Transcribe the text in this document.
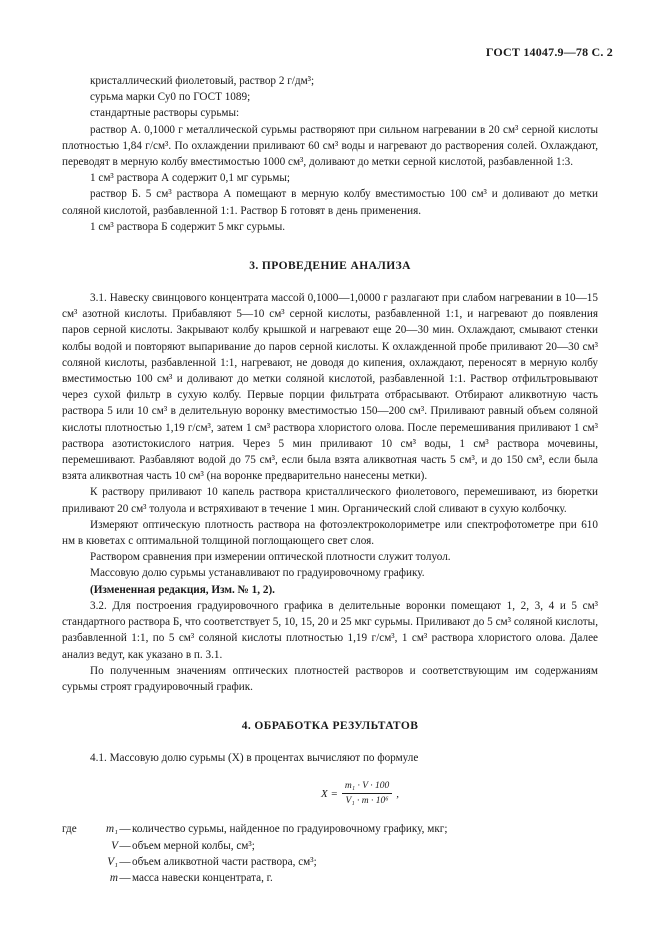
ГОСТ 14047.9—78 С. 2

кристаллический фиолетовый, раствор 2 г/дм³;

сурьма марки Су0 по ГОСТ 1089;

стандартные растворы сурьмы:

раствор А. 0,1000 г металлической сурьмы растворяют при сильном нагревании в 20 см³ серной кислоты плотностью 1,84 г/см³. По охлаждении приливают 60 см³ воды и нагревают до растворения солей. Охлаждают, переводят в мерную колбу вместимостью 1000 см³, доливают до метки серной кислотой, разбавленной 1:3.

1 см³ раствора А содержит 0,1 мг сурьмы;

раствор Б. 5 см³ раствора А помещают в мерную колбу вместимостью 100 см³ и доливают до метки соляной кислотой, разбавленной 1:1. Раствор Б готовят в день применения.

1 см³ раствора Б содержит 5 мкг сурьмы.

3. ПРОВЕДЕНИЕ АНАЛИЗА

3.1. Навеску свинцового концентрата массой 0,1000—1,0000 г разлагают при слабом нагревании в 10—15 см³ азотной кислоты. Прибавляют 5—10 см³ серной кислоты, разбавленной 1:1, и нагревают до появления паров серной кислоты. Закрывают колбу крышкой и нагревают еще 20—30 мин. Охлаждают, смывают стенки колбы водой и повторяют выпаривание до паров серной кислоты. К охлажденной пробе приливают 20—30 см³ соляной кислоты, разбавленной 1:1, нагревают, не доводя до кипения, охлаждают, переносят в мерную колбу вместимостью 100 см³ и доливают до метки соляной кислотой, разбавленной 1:1. Раствор отфильтровывают через сухой фильтр в сухую колбу. Первые порции фильтрата отбрасывают. Отбирают аликвотную часть раствора 5 или 10 см³ в делительную воронку вместимостью 150—200 см³. Приливают равный объем соляной кислоты плотностью 1,19 г/см³, затем 1 см³ раствора хлористого олова. После перемешивания приливают 1 см³ раствора азотистокислого натрия. Через 5 мин приливают 10 см³ воды, 1 см³ раствора мочевины, перемешивают. Разбавляют водой до 75 см³, если была взята аликвотная часть 5 см³, и до 150 см³, если была взята аликвотная часть 10 см³ (на воронке предварительно нанесены метки).

К раствору приливают 10 капель раствора кристаллического фиолетового, перемешивают, из бюретки приливают 20 см³ толуола и встряхивают в течение 1 мин. Органический слой сливают в сухую колбочку.

Измеряют оптическую плотность раствора на фотоэлектроколориметре или спектрофотометре при 610 нм в кюветах с оптимальной толщиной поглощающего свет слоя.

Раствором сравнения при измерении оптической плотности служит толуол.

Массовую долю сурьмы устанавливают по градуировочному графику.

(Измененная редакция, Изм. № 1, 2).

3.2. Для построения градуировочного графика в делительные воронки помещают 1, 2, 3, 4 и 5 см³ стандартного раствора Б, что соответствует 5, 10, 15, 20 и 25 мкг сурьмы. Приливают до 5 см³ соляной кислоты, разбавленной 1:1, по 5 см³ соляной кислоты плотностью 1,19 г/см³, 1 см³ раствора хлористого олова. Далее анализ ведут, как указано в п. 3.1.

По полученным значениям оптических плотностей растворов и соответствующим им содержаниям сурьмы строят градуировочный график.

4. ОБРАБОТКА РЕЗУЛЬТАТОВ

4.1. Массовую долю сурьмы (X) в процентах вычисляют по формуле

$X = \frac{\text{m₁ · V · 100}}{\text{V₁ · m · 10⁶}}$ ,
где	m₁ — количество сурьмы, найденное по градуировочному графику, мкг;
V — объем мерной колбы, см³;
V₁ — объем аликвотной части раствора, см³;
m — масса навески концентрата, г.
